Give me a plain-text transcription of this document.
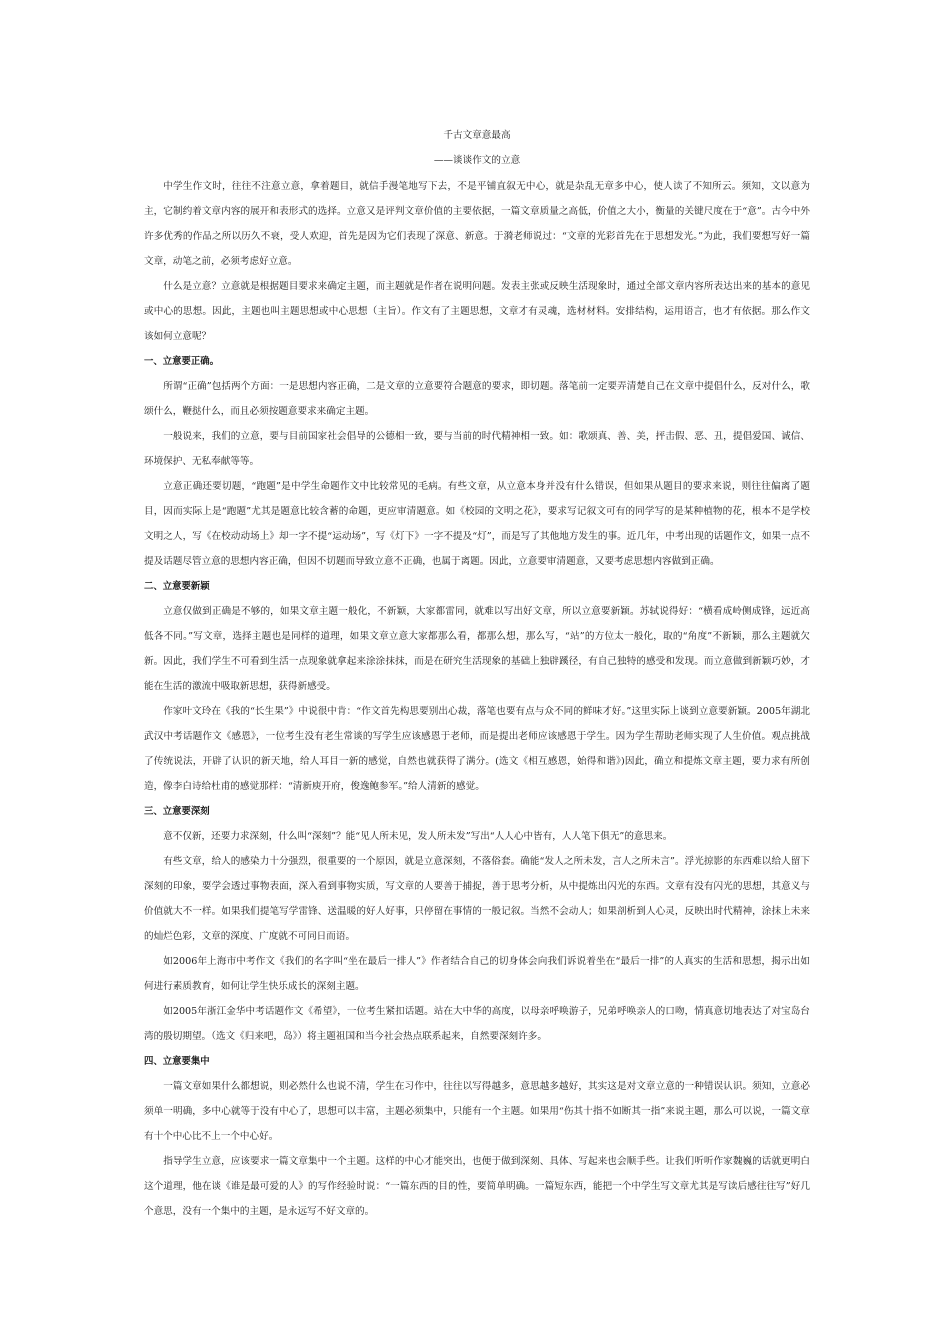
千古文章意最高

——谈谈作文的立意

中学生作文时，往往不注意立意，拿着题目，就信手漫笔地写下去，不是平铺直叙无中心，就是杂乱无章多中心，使人读了不知所云。须知，文以意为主，它制约着文章内容的展开和表形式的选择。立意又是评判文章价值的主要依据，一篇文章质量之高低，价值之大小，衡量的关键尺度在于“意”。古今中外许多优秀的作品之所以历久不衰，受人欢迎，首先是因为它们表现了深意、新意。于漪老师说过：“文章的光彩首先在于思想发光。”为此，我们要想写好一篇文章，动笔之前，必须考虑好立意。

什么是立意？立意就是根据题目要求来确定主题，而主题就是作者在说明问题。发表主张或反映生活现象时，通过全部文章内容所表达出来的基本的意见或中心的思想。因此，主题也叫主题思想或中心思想（主旨）。作文有了主题思想，文章才有灵魂，选材材料。安排结构，运用语言，也才有依据。那么作文该如何立意呢？

一、立意要正确。

所谓“正确”包括两个方面：一是思想内容正确，二是文章的立意要符合题意的要求，即切题。落笔前一定要弄清楚自己在文章中提倡什么，反对什么，歌颂什么，鞭挞什么，而且必须按题意要求来确定主题。

一般说来，我们的立意，要与目前国家社会倡导的公德相一致，要与当前的时代精神相一致。如：歌颂真、善、美，抨击假、恶、丑，提倡爱国、诚信、环境保护、无私奉献等等。

立意正确还要切题，“跑题”是中学生命题作文中比较常见的毛病。有些文章，从立意本身并没有什么错误，但如果从题目的要求来说，则往往偏离了题目，因而实际上是“跑题”尤其是题意比较含蓄的命题，更应审清题意。如《校园的文明之花》，要求写记叙文可有的同学写的是某种植物的花，根本不是学校文明之人，写《在校动动场上》却一字不提“运动场”，写《灯下》一字不提及“灯”，而是写了其他地方发生的事。近几年，中考出现的话题作文，如果一点不提及话题尽管立意的思想内容正确，但因不切题而导致立意不正确，也属于离题。因此，立意要审清题意，又要考虑思想内容做到正确。

二、立意要新颖

立意仅做到正确是不够的，如果文章主题一般化，不新颖，大家都雷同，就难以写出好文章，所以立意要新颖。苏轼说得好：“横看成岭侧成锋，远近高低各不同。”写文章，选择主题也是同样的道理，如果文章立意大家都那么看，都那么想，那么写，“站”的方位太一般化，取的“角度”不新颖，那么主题就欠新。因此，我们学生不可看到生活一点现象就拿起来涂涂抹抹，而是在研究生活现象的基础上独辟蹊径，有自己独特的感受和发现。而立意做到新颖巧妙，才能在生活的激流中吸取新思想，获得新感受。

作家叶文玲在《我的“长生果”》中说很中肯：“作文首先构思要别出心裁，落笔也要有点与众不同的鲜味才好。”这里实际上谈到立意要新颖。2005年湖北武汉中考话题作文《感恩》，一位考生没有老生常谈的写学生应该感恩于老师，而是提出老师应该感恩于学生。因为学生帮助老师实现了人生价值。观点挑战了传统说法，开辟了认识的新天地，给人耳目一新的感觉，自然也就获得了满分。(选文《相互感恩，始得和谐》)因此，确立和提炼文章主题，要力求有所创造，像李白诗给杜甫的感觉那样：“清新庾开府，俊逸鲍参军。”给人清新的感觉。

三、立意要深刻

意不仅新，还要力求深刻，什么叫“深刻”？能“见人所未见，发人所未发”写出“人人心中皆有，人人笔下俱无”的意思来。

有些文章，给人的感染力十分强烈，很重要的一个原因，就是立意深刻，不落俗套。确能“发人之所未发，言人之所未言”。浮光掠影的东西难以给人留下深刻的印象，要学会透过事物表面，深入看到事物实质，写文章的人要善于捕捉，善于思考分析，从中提炼出闪光的东西。文章有没有闪光的思想，其意义与价值就大不一样。如果我们提笔写学雷锋、送温暖的好人好事，只停留在事情的一般记叙。当然不会动人；如果剖析到人心灵，反映出时代精神，涂抹上未来的灿烂色彩，文章的深度、广度就不可同日而语。

如2006年上海市中考作文《我们的名字叫“坐在最后一排人”》作者结合自己的切身体会向我们诉说着坐在“最后一排”的人真实的生活和思想，揭示出如何进行素质教育，如何让学生快乐成长的深刻主题。

如2005年浙江金华中考话题作文《希望》，一位考生紧扣话题。站在大中华的高度，以母亲呼唤游子，兄弟呼唤亲人的口吻，情真意切地表达了对宝岛台湾的殷切期望。（选文《归来吧，岛》）将主题祖国和当今社会热点联系起来，自然要深刻许多。

四、立意要集中

一篇文章如果什么都想说，则必然什么也说不清，学生在习作中，往往以写得越多，意思越多越好，其实这是对文章立意的一种错误认识。须知，立意必须单一明确，多中心就等于没有中心了，思想可以丰富，主题必须集中，只能有一个主题。如果用“伤其十指不如断其一指”来说主题，那么可以说，一篇文章有十个中心比不上一个中心好。

指导学生立意，应该要求一篇文章集中一个主题。这样的中心才能突出，也便于做到深刻、具体、写起来也会顺手些。让我们听听作家魏巍的话就更明白这个道理，他在谈《谁是最可爱的人》的写作经验时说：“一篇东西的目的性，要简单明确。一篇短东西，能把一个中学生写文章尤其是写读后感往往写”好几个意思，没有一个集中的主题，是永远写不好文章的。
